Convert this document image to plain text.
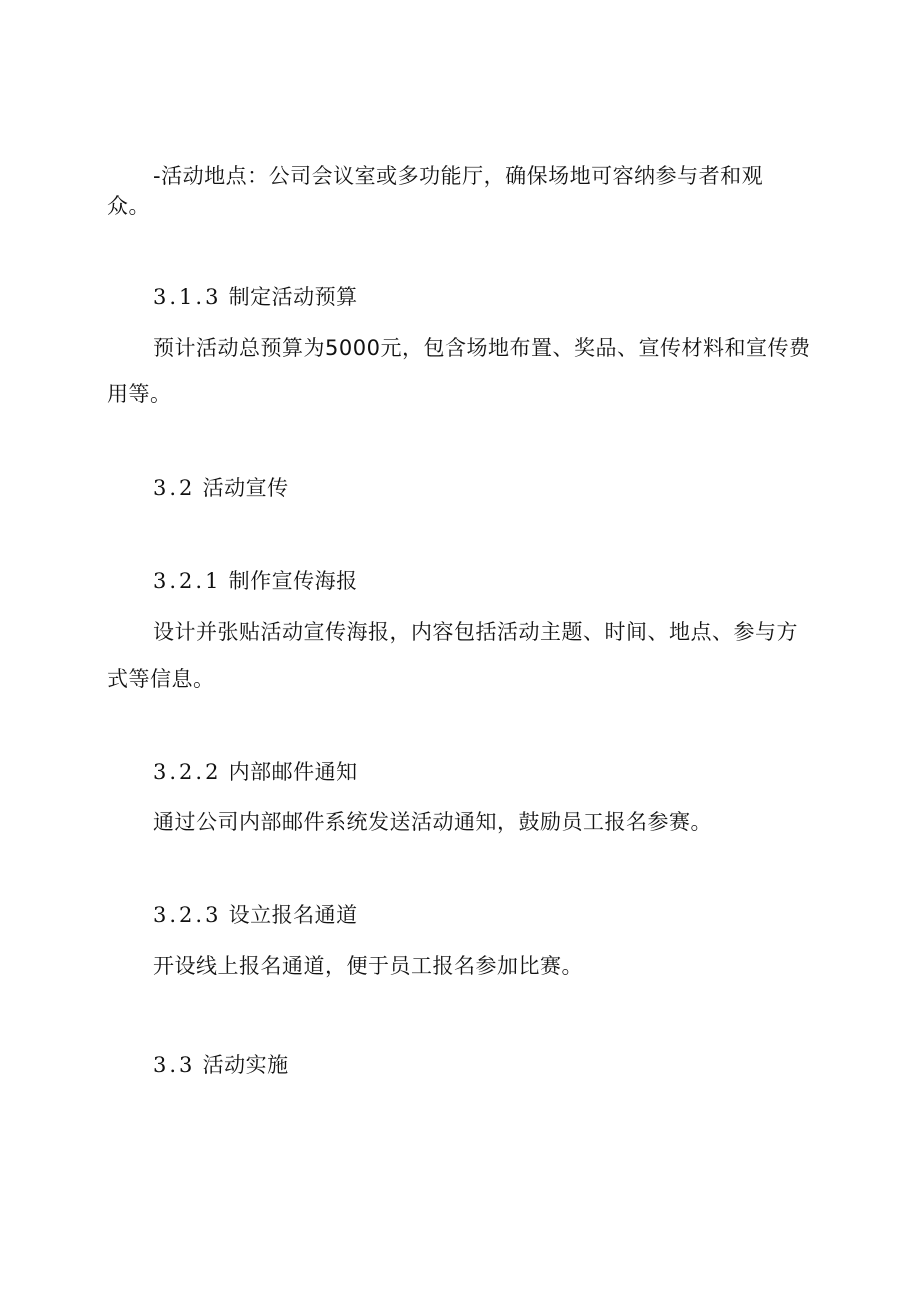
-活动地点：公司会议室或多功能厅，确保场地可容纳参与者和观
众。
3.1.3 制定活动预算
预计活动总预算为5000元，包含场地布置、奖品、宣传材料和宣传费
用等。
3.2 活动宣传
3.2.1 制作宣传海报
设计并张贴活动宣传海报，内容包括活动主题、时间、地点、参与方
式等信息。
3.2.2 内部邮件通知
通过公司内部邮件系统发送活动通知，鼓励员工报名参赛。
3.2.3 设立报名通道
开设线上报名通道，便于员工报名参加比赛。
3.3 活动实施
